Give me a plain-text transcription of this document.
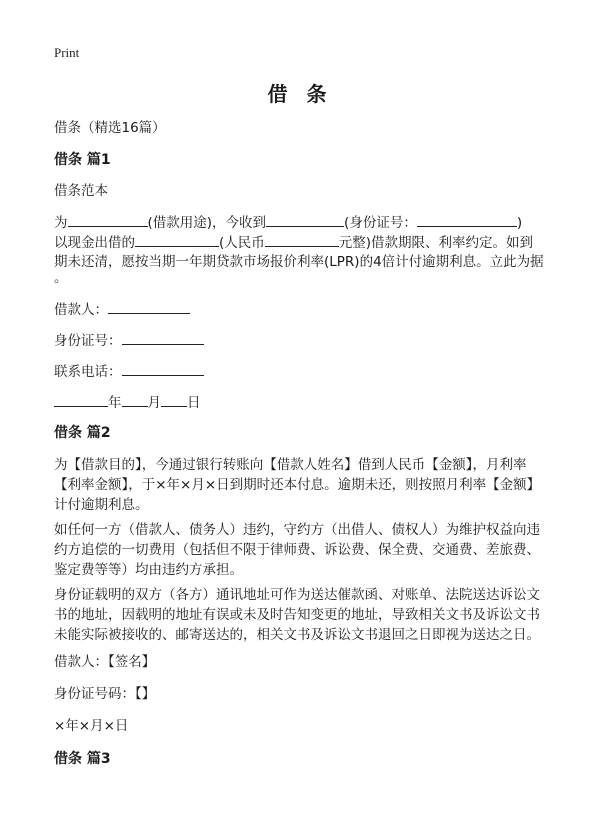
Print
借 条
借条（精选16篇）
借条 篇1
借条范本
为	(借款用途)，今收到	(身份证号：	)
以现金出借的	(人民币	元整)借款期限、利率约定。如到
期未还清，愿按当期一年期贷款市场报价利率(LPR)的4倍计付逾期利息。立此为据
。
借款人：
身份证号：
联系电话：
年 月 日
借条 篇2
为【借款目的】，今通过银行转账向【借款人姓名】借到人民币【金额】，月利率
【利率金额】，于×年×月×日到期时还本付息。逾期未还，则按照月利率【金额】
计付逾期利息。
如任何一方（借款人、债务人）违约，守约方（出借人、债权人）为维护权益向违
约方追偿的一切费用（包括但不限于律师费、诉讼费、保全费、交通费、差旅费、
鉴定费等等）均由违约方承担。
身份证载明的双方（各方）通讯地址可作为送达催款函、对账单、法院送达诉讼文
书的地址，因载明的地址有误或未及时告知变更的地址，导致相关文书及诉讼文书
未能实际被接收的、邮寄送达的，相关文书及诉讼文书退回之日即视为送达之日。
借款人：【签名】
身份证号码：【】
×年×月×日
借条 篇3
